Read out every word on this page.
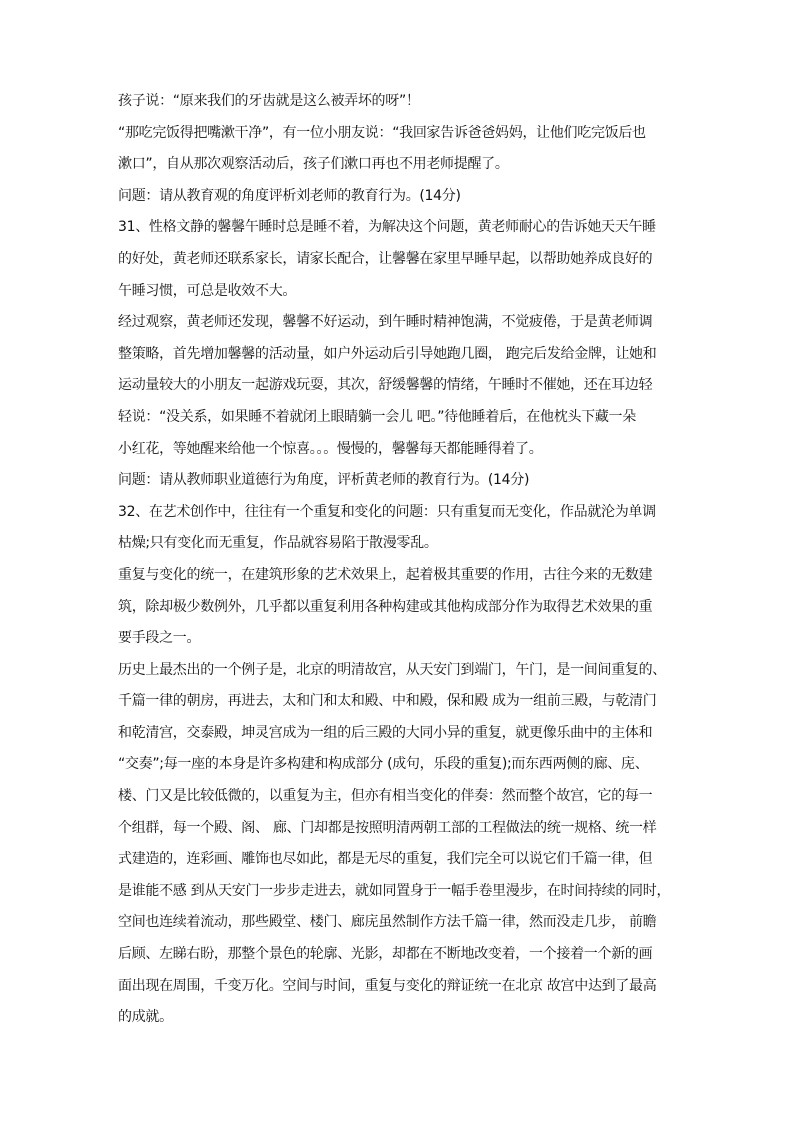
孩子说：“原来我们的牙齿就是这么被弄坏的呀”！
“那吃完饭得把嘴漱干净”，有一位小朋友说：“我回家告诉爸爸妈妈，让他们吃完饭后也
漱口”，自从那次观察活动后，孩子们漱口再也不用老师提醒了。
问题：请从教育观的角度评析刘老师的教育行为。(14分)
31、性格文静的馨馨午睡时总是睡不着，为解决这个问题，黄老师耐心的告诉她天天午睡
的好处，黄老师还联系家长，请家长配合，让馨馨在家里早睡早起，以帮助她养成良好的
午睡习惯，可总是收效不大。
经过观察，黄老师还发现，馨馨不好运动，到午睡时精神饱满，不觉疲倦，于是黄老师调
整策略，首先增加馨馨的活动量，如户外运动后引导她跑几圈， 跑完后发给金牌，让她和
运动量较大的小朋友一起游戏玩耍，其次，舒缓馨馨的情绪，午睡时不催她，还在耳边轻
轻说：“没关系，如果睡不着就闭上眼睛躺一会儿 吧。”待他睡着后，在他枕头下藏一朵
小红花，等她醒来给他一个惊喜。。。慢慢的，馨馨每天都能睡得着了。
问题：请从教师职业道德行为角度，评析黄老师的教育行为。(14分)
32、在艺术创作中，往往有一个重复和变化的问题：只有重复而无变化，作品就沦为单调
枯燥;只有变化而无重复，作品就容易陷于散漫零乱。
重复与变化的统一，在建筑形象的艺术效果上，起着极其重要的作用，古往今来的无数建
筑，除却极少数例外，几乎都以重复利用各种构建或其他构成部分作为取得艺术效果的重
要手段之一。
历史上最杰出的一个例子是，北京的明清故宫，从天安门到端门，午门，是一间间重复的、
千篇一律的朝房，再进去，太和门和太和殿、中和殿，保和殿 成为一组前三殿，与乾清门
和乾清宫，交泰殿，坤灵宫成为一组的后三殿的大同小异的重复，就更像乐曲中的主体和
“交奏”;每一座的本身是许多构建和构成部分 (成句，乐段的重复);而东西两侧的廊、庑、
楼、门又是比较低微的，以重复为主，但亦有相当变化的伴奏：然而整个故宫，它的每一
个组群，每一个殿、阁、 廊、门却都是按照明清两朝工部的工程做法的统一规格、统一样
式建造的，连彩画、雕饰也尽如此，都是无尽的重复，我们完全可以说它们千篇一律，但
是谁能不感 到从天安门一步步走进去，就如同置身于一幅手卷里漫步，在时间持续的同时，
空间也连续着流动，那些殿堂、楼门、廊庑虽然制作方法千篇一律，然而没走几步， 前瞻
后顾、左睇右盼，那整个景色的轮廓、光影，却都在不断地改变着，一个接着一个新的画
面出现在周围，千变万化。空间与时间，重复与变化的辩证统一在北京 故宫中达到了最高
的成就。
